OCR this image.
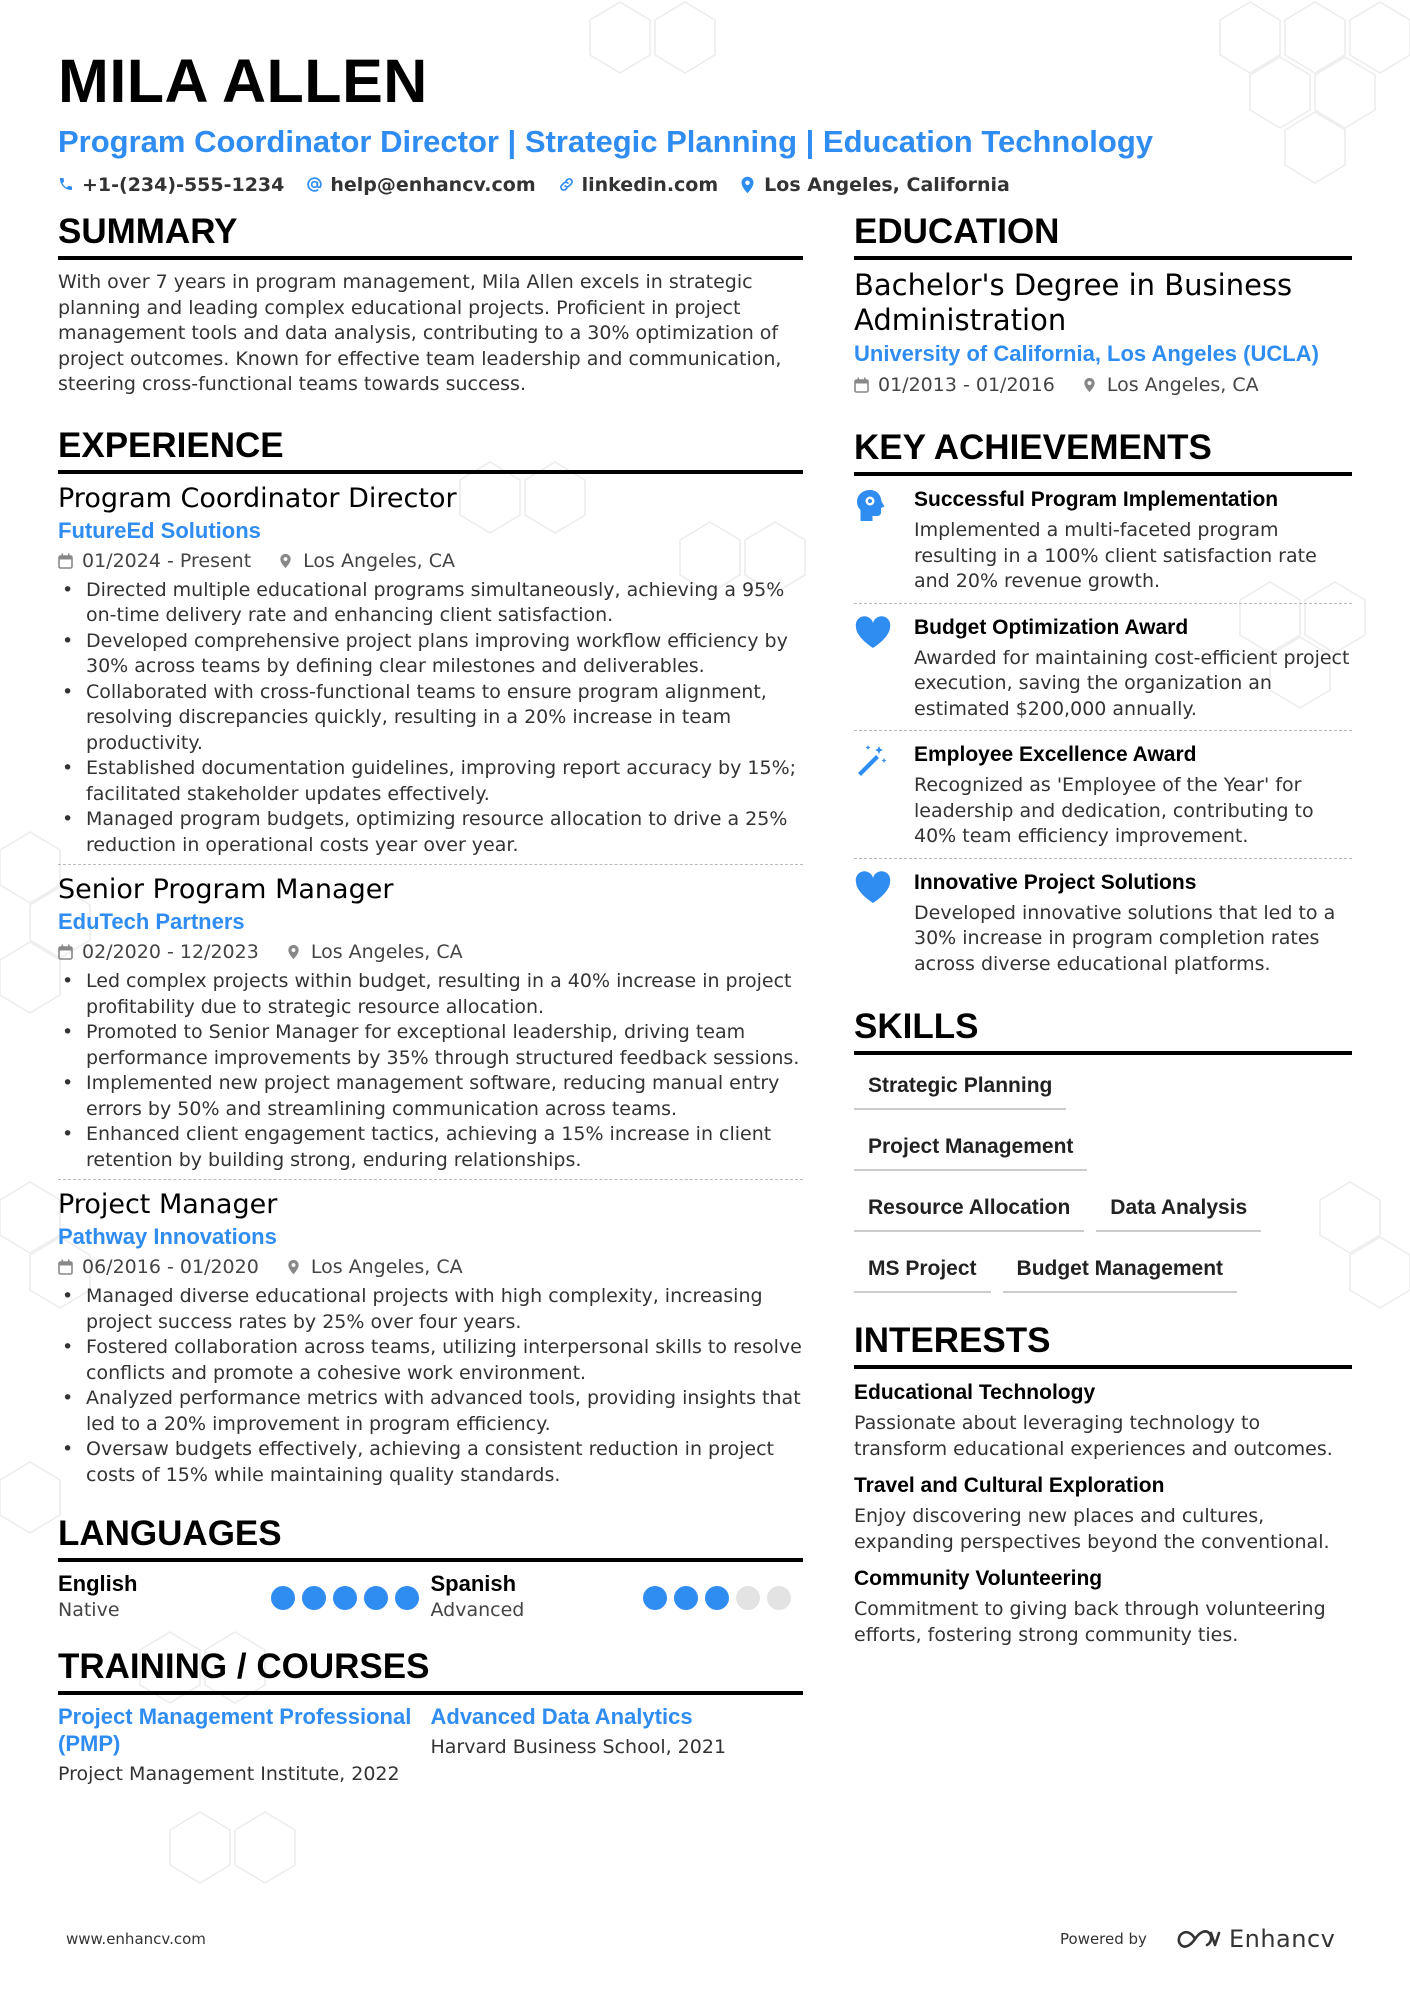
MILA ALLEN
Program Coordinator Director | Strategic Planning | Education Technology
+1-(234)-555-1234 help@enhancv.com linkedin.com Los Angeles, California
SUMMARY

With over 7 years in program management, Mila Allen excels in strategic planning and leading complex educational projects. Proficient in project management tools and data analysis, contributing to a 30% optimization of project outcomes. Known for effective team leadership and communication, steering cross-functional teams towards success.

EXPERIENCE
Program Coordinator Director
FutureEd Solutions
01/2024 - Present	Los Angeles, CA
• Directed multiple educational programs simultaneously, achieving a 95% on-time delivery rate and enhancing client satisfaction.
• Developed comprehensive project plans improving workflow efficiency by 30% across teams by defining clear milestones and deliverables.
• Collaborated with cross-functional teams to ensure program alignment, resolving discrepancies quickly, resulting in a 20% increase in team productivity.
• Established documentation guidelines, improving report accuracy by 15%; facilitated stakeholder updates effectively.
• Managed program budgets, optimizing resource allocation to drive a 25% reduction in operational costs year over year.
Senior Program Manager
EduTech Partners
02/2020 - 12/2023	Los Angeles, CA
• Led complex projects within budget, resulting in a 40% increase in project profitability due to strategic resource allocation.
• Promoted to Senior Manager for exceptional leadership, driving team performance improvements by 35% through structured feedback sessions.
• Implemented new project management software, reducing manual entry errors by 50% and streamlining communication across teams.
• Enhanced client engagement tactics, achieving a 15% increase in client retention by building strong, enduring relationships.
Project Manager
Pathway Innovations
06/2016 - 01/2020	Los Angeles, CA
• Managed diverse educational projects with high complexity, increasing project success rates by 25% over four years.
• Fostered collaboration across teams, utilizing interpersonal skills to resolve conflicts and promote a cohesive work environment.
• Analyzed performance metrics with advanced tools, providing insights that led to a 20% improvement in program efficiency.
• Oversaw budgets effectively, achieving a consistent reduction in project costs of 15% while maintaining quality standards.
LANGUAGES
English
Native
Spanish
Advanced
TRAINING / COURSES
Project Management Professional (PMP)
Project Management Institute, 2022
Advanced Data Analytics
Harvard Business School, 2021
EDUCATION
Bachelor's Degree in Business Administration
University of California, Los Angeles (UCLA)
01/2013 - 01/2016	Los Angeles, CA
KEY ACHIEVEMENTS
Successful Program Implementation
Implemented a multi-faceted program resulting in a 100% client satisfaction rate and 20% revenue growth.
Budget Optimization Award
Awarded for maintaining cost-efficient project execution, saving the organization an estimated $200,000 annually.
Employee Excellence Award
Recognized as 'Employee of the Year' for leadership and dedication, contributing to 40% team efficiency improvement.
Innovative Project Solutions
Developed innovative solutions that led to a 30% increase in program completion rates across diverse educational platforms.
SKILLS
Strategic Planning
Project Management
Resource Allocation	Data Analysis
MS Project	Budget Management
INTERESTS
Educational Technology
Passionate about leveraging technology to transform educational experiences and outcomes.
Travel and Cultural Exploration
Enjoy discovering new places and cultures, expanding perspectives beyond the conventional.
Community Volunteering
Commitment to giving back through volunteering efforts, fostering strong community ties.
www.enhancv.com	Powered by	Enhancv
